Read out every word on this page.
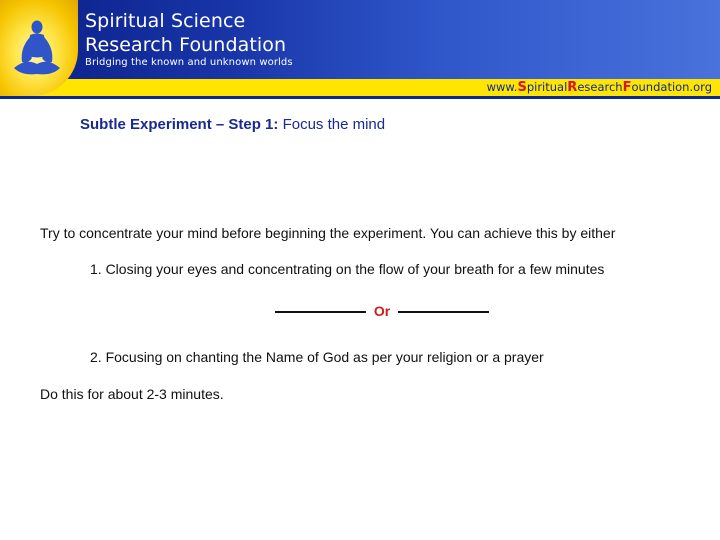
Spiritual Science
Research Foundation
Bridging the known and unknown worlds
www.SpiritualResearchFoundation.org
Subtle Experiment – Step 1: Focus the mind
Try to concentrate your mind before beginning the experiment. You can achieve this by either
1. Closing your eyes and concentrating on the flow of your breath for a few minutes
Or
2. Focusing on chanting the Name of God as per your religion or a prayer
Do this for about 2-3 minutes.
